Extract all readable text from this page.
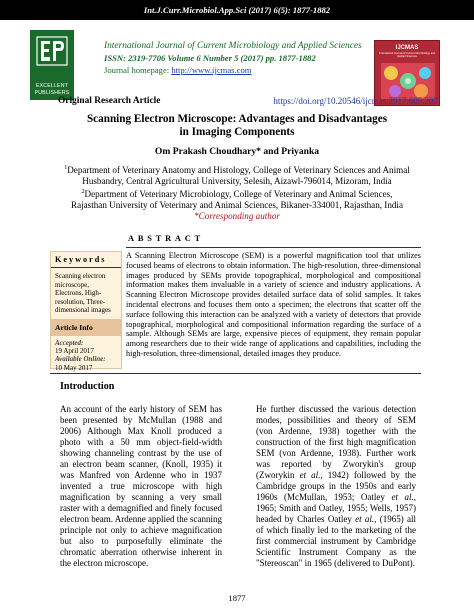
Int.J.Curr.Microbiol.App.Sci (2017) 6(5): 1877-1882
EXCELLENT
PUBLISHERS
International Journal of Current Microbiology and Applied Sciences
ISSN: 2319-7706 Volume 6 Number 5 (2017) pp. 1877-1882
Journal homepage: http://www.ijcmas.com
IJCMAS
International Journal of Current Microbiology and Applied Sciences
Original Research Article	https://doi.org/10.20546/ijcmas.2017.605.207
Scanning Electron Microscope: Advantages and Disadvantages
in Imaging Components
Om Prakash Choudhary* and Priyanka
$^1$Department of Veterinary Anatomy and Histology, College of Veterinary Sciences and Animal
Husbandry, Central Agricultural University, Selesih, Aizawl-796014, Mizoram, India
$^2$Department of Veterinary Microbiology, College of Veterinary and Animal Sciences,
Rajasthan University of Veterinary and Animal Sciences, Bikaner-334001, Rajasthan, India
*Corresponding author
ABSTRACT
Keywords
Scanning electron microscope, Electrons, High-resolution, Three-dimensional images
Article Info
Accepted:
19 April 2017
Available Online:
10 May 2017
A Scanning Electron Microscope (SEM) is a powerful magnification tool that utilizes focused beams of electrons to obtain information. The high-resolution, three-dimensional images produced by SEMs provide topographical, morphological and compositional information makes them invaluable in a variety of science and industry applications. A Scanning Electron Microscope provides detailed surface data of solid samples. It takes incidental electrons and focuses them onto a specimen; the electrons that scatter off the surface following this interaction can be analyzed with a variety of detectors that provide topographical, morphological and compositional information regarding the surface of a sample. Although SEMs are large, expensive pieces of equipment, they remain popular among researchers due to their wide range of applications and capabilities, including the high-resolution, three-dimensional, detailed images they produce.
Introduction

An account of the early history of SEM has been presented by McMullan (1988 and 2006) Although Max Knoll produced a photo with a 50 mm object-field-width showing channeling contrast by the use of an electron beam scanner, (Knoll, 1935) it was Manfred von Ardenne who in 1937 invented a true microscope with high magnification by scanning a very small raster with a demagnified and finely focused electron beam. Ardenne applied the scanning principle not only to achieve magnification but also to purposefully eliminate the chromatic aberration otherwise inherent in the electron microscope.

He further discussed the various detection modes, possibilities and theory of SEM (von Ardenne, 1938) together with the construction of the first high magnification SEM (von Ardenne, 1938). Further work was reported by Zworykin's group (Zworykin et al., 1942) followed by the Cambridge groups in the 1950s and early 1960s (McMullan, 1953; Oatley et al., 1965; Smith and Oatley, 1955; Wells, 1957) headed by Charles Oatley et al., (1965) all of which finally led to the marketing of the first commercial instrument by Cambridge Scientific Instrument Company as the "Stereoscan" in 1965 (delivered to DuPont).

1877
